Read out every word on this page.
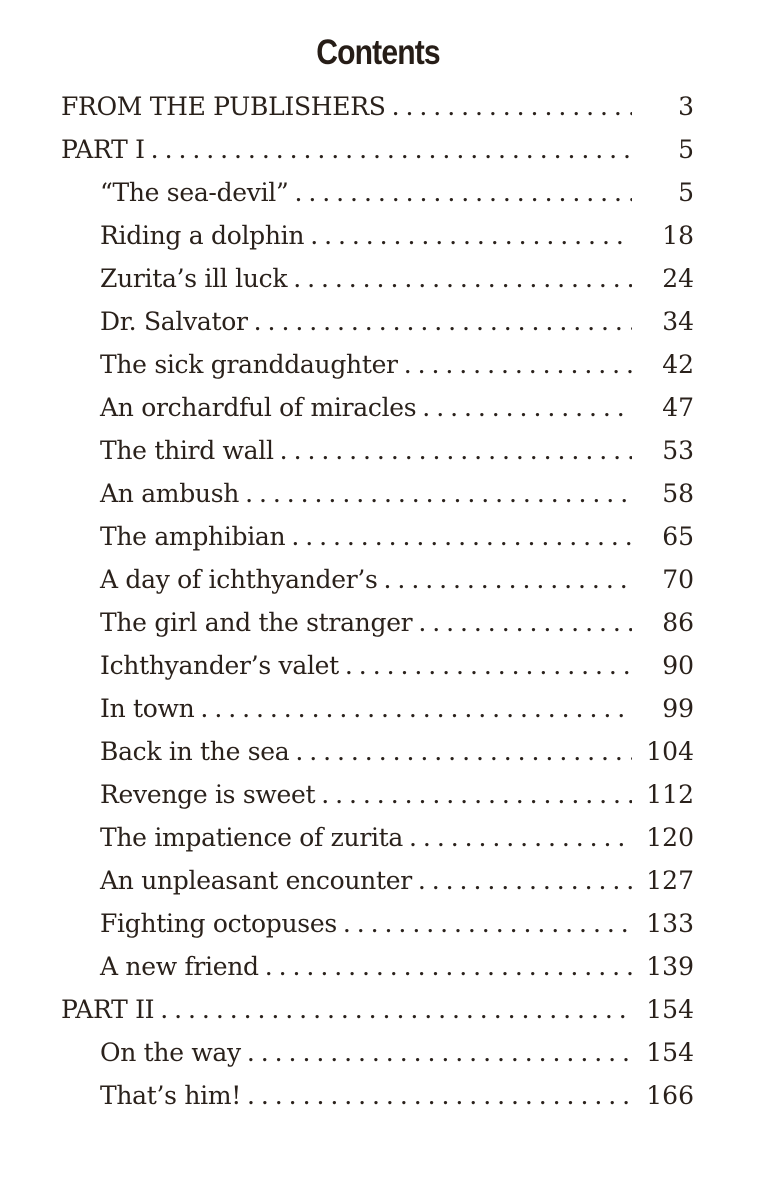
Contents
FROM THE PUBLISHERS . . .	3
PART I . . .	5
“The sea-devil” . . .	5
Riding a dolphin . . .	18
Zurita’s ill luck . . .	24
Dr. Salvator . . .	34
The sick granddaughter . . .	42
An orchardful of miracles . . .	47
The third wall . . .	53
An ambush . . .	58
The amphibian . . .	65
A day of ichthyander’s . . .	70
The girl and the stranger . . .	86
Ichthyander’s valet . . .	90
In town . . .	99
Back in the sea . . .	104
Revenge is sweet . . .	112
The impatience of zurita . . .	120
An unpleasant encounter . . .	127
Fighting octopuses . . .	133
A new friend . . .	139
PART II . . .	154
On the way . . .	154
That’s him! . . .	166
